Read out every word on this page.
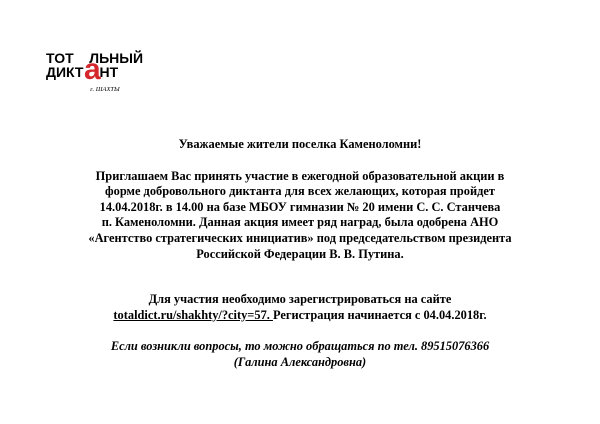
ТОТ ЛЬНЫЙ
ДИКТ НТ
а
г. ШАХТЫ

Уважаемые жители поселка Каменоломни!

Приглашаем Вас принять участие в ежегодной образовательной акции в
форме добровольного диктанта для всех желающих, которая пройдет
14.04.2018г. в 14.00 на базе МБОУ гимназии № 20 имени С. С. Станчева
п. Каменоломни. Данная акция имеет ряд наград, была одобрена АНО
«Агентство стратегических инициатив» под председательством президента
Российской Федерации В. В. Путина.

Для участия необходимо зарегистрироваться на сайте
totaldict.ru/shakhty/?city=57. Регистрация начинается с 04.04.2018г.

Если возникли вопросы, то можно обращаться по тел. 89515076366
(Галина Александровна)
